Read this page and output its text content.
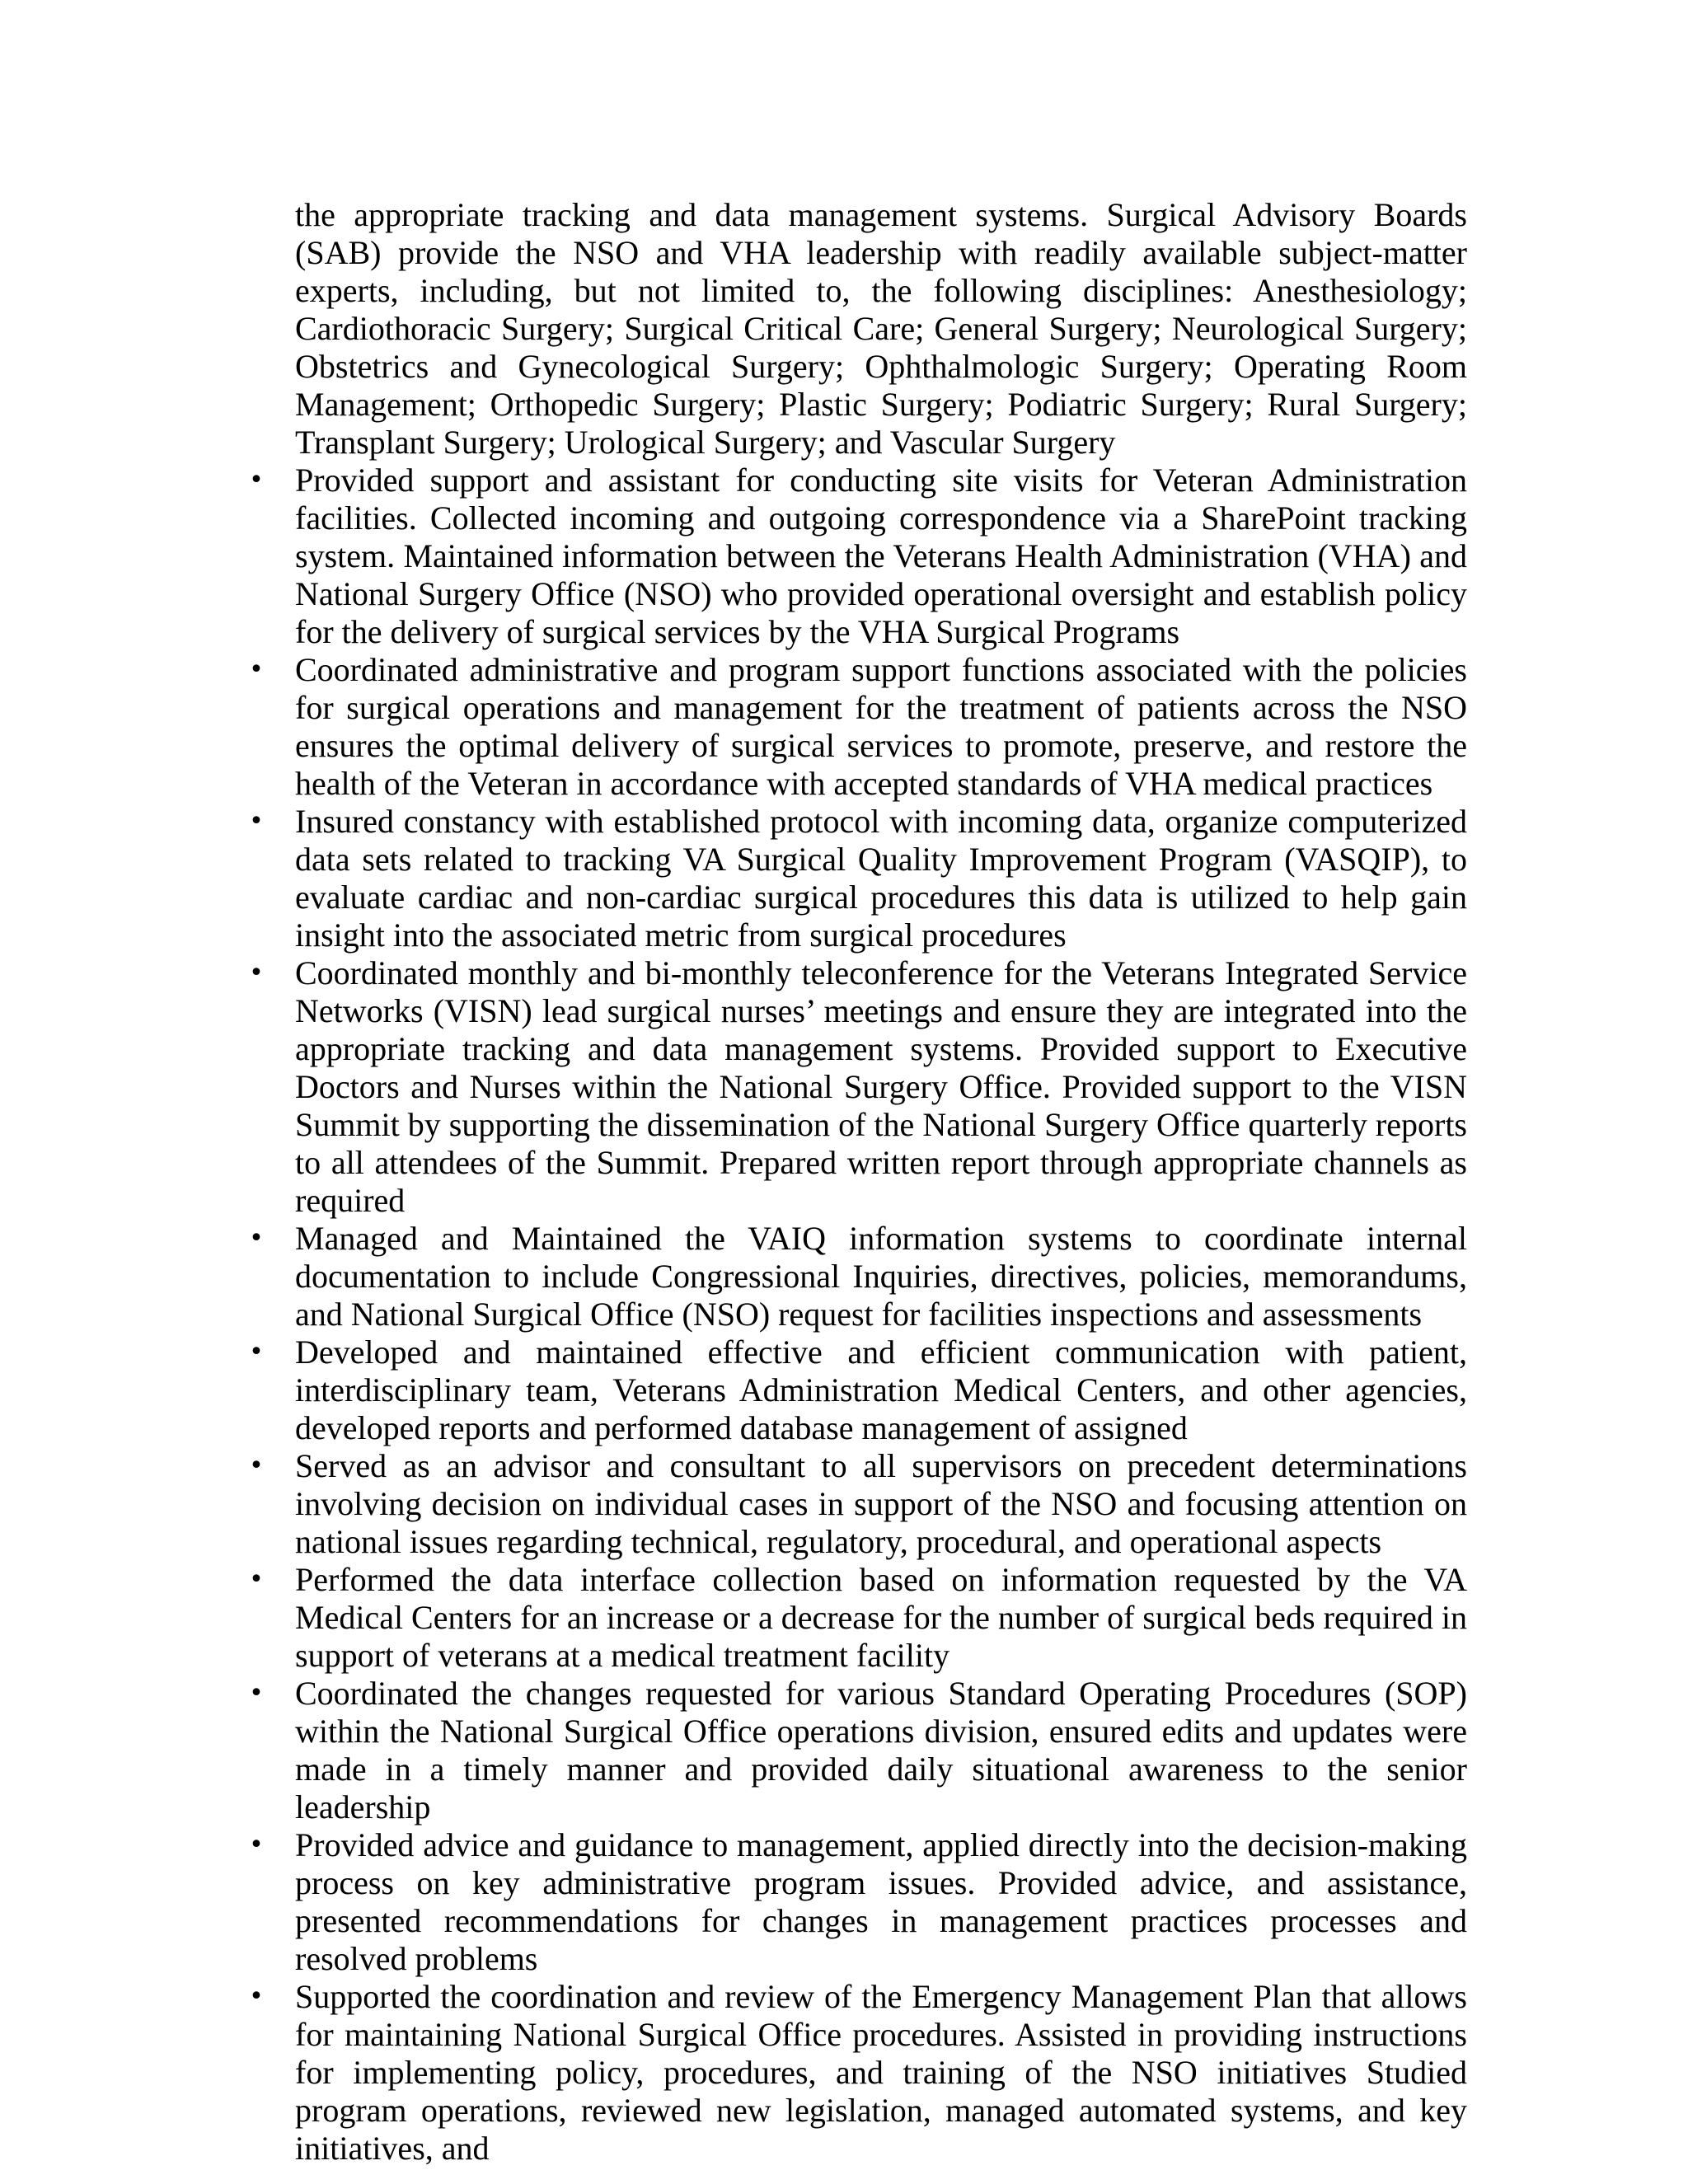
the appropriate tracking and data management systems. Surgical Advisory Boards (SAB) provide the NSO and VHA leadership with readily available subject-matter experts, including, but not limited to, the following disciplines: Anesthesiology; Cardiothoracic Surgery; Surgical Critical Care; General Surgery; Neurological Surgery; Obstetrics and Gynecological Surgery; Ophthalmologic Surgery; Operating Room Management; Orthopedic Surgery; Plastic Surgery; Podiatric Surgery; Rural Surgery; Transplant Surgery; Urological Surgery; and Vascular Surgery

• Provided support and assistant for conducting site visits for Veteran Administration facilities. Collected incoming and outgoing correspondence via a SharePoint tracking system. Maintained information between the Veterans Health Administration (VHA) and National Surgery Office (NSO) who provided operational oversight and establish policy for the delivery of surgical services by the VHA Surgical Programs
• Coordinated administrative and program support functions associated with the policies for surgical operations and management for the treatment of patients across the NSO ensures the optimal delivery of surgical services to promote, preserve, and restore the health of the Veteran in accordance with accepted standards of VHA medical practices
• Insured constancy with established protocol with incoming data, organize computerized data sets related to tracking VA Surgical Quality Improvement Program (VASQIP), to evaluate cardiac and non-cardiac surgical procedures this data is utilized to help gain insight into the associated metric from surgical procedures
• Coordinated monthly and bi-monthly teleconference for the Veterans Integrated Service Networks (VISN) lead surgical nurses’ meetings and ensure they are integrated into the appropriate tracking and data management systems. Provided support to Executive Doctors and Nurses within the National Surgery Office. Provided support to the VISN Summit by supporting the dissemination of the National Surgery Office quarterly reports to all attendees of the Summit. Prepared written report through appropriate channels as required
• Managed and Maintained the VAIQ information systems to coordinate internal documentation to include Congressional Inquiries, directives, policies, memorandums, and National Surgical Office (NSO) request for facilities inspections and assessments
• Developed and maintained effective and efficient communication with patient, interdisciplinary team, Veterans Administration Medical Centers, and other agencies, developed reports and performed database management of assigned
• Served as an advisor and consultant to all supervisors on precedent determinations involving decision on individual cases in support of the NSO and focusing attention on national issues regarding technical, regulatory, procedural, and operational aspects
• Performed the data interface collection based on information requested by the VA Medical Centers for an increase or a decrease for the number of surgical beds required in support of veterans at a medical treatment facility
• Coordinated the changes requested for various Standard Operating Procedures (SOP) within the National Surgical Office operations division, ensured edits and updates were made in a timely manner and provided daily situational awareness to the senior leadership
• Provided advice and guidance to management, applied directly into the decision-making process on key administrative program issues. Provided advice, and assistance, presented recommendations for changes in management practices processes and resolved problems
• Supported the coordination and review of the Emergency Management Plan that allows for maintaining National Surgical Office procedures. Assisted in providing instructions for implementing policy, procedures, and training of the NSO initiatives Studied program operations, reviewed new legislation, managed automated systems, and key initiatives, and
